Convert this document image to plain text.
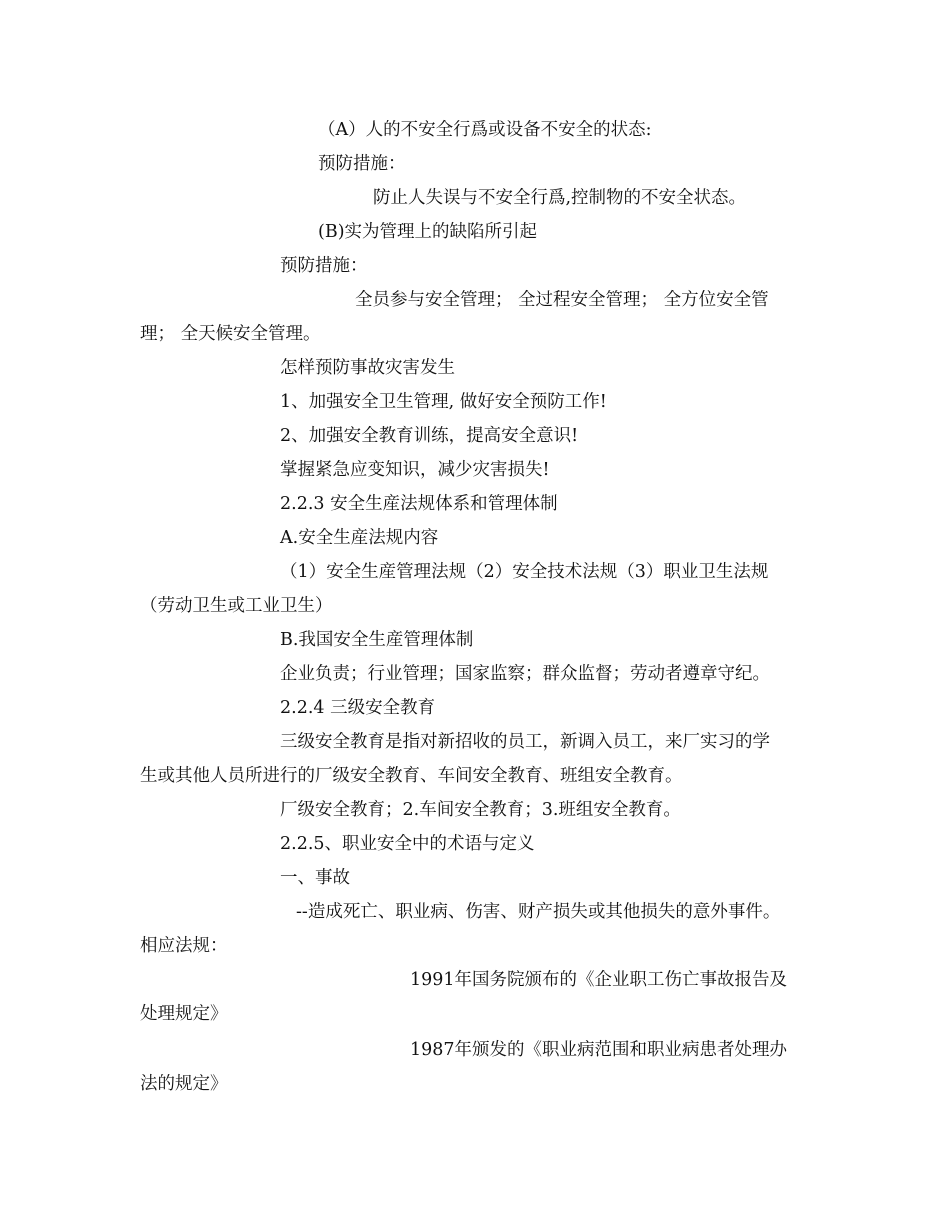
（A）人的不安全行爲或设备不安全的状态:

预防措施：

防止人失误与不安全行爲,控制物的不安全状态。

(B)实为管理上的缺陷所引起

预防措施：

全员参与安全管理； 全过程安全管理； 全方位安全管

理； 全天候安全管理。

怎样预防事故灾害发生

1、加强安全卫生管理, 做好安全预防工作!

2、加强安全教育训练，提高安全意识!

掌握紧急应变知识，减少灾害损失!

2.2.3 安全生産法规体系和管理体制

A.安全生産法规内容

（1）安全生産管理法规（2）安全技术法规（3）职业卫生法规

（劳动卫生或工业卫生）

B.我国安全生産管理体制

企业负责；行业管理；国家监察；群众监督；劳动者遵章守纪。

2.2.4 三级安全教育

三级安全教育是指对新招收的员工，新调入员工，来厂实习的学

生或其他人员所进行的厂级安全教育、车间安全教育、班组安全教育。

厂级安全教育；2.车间安全教育；3.班组安全教育。

2.2.5、职业安全中的术语与定义

一、事故

--造成死亡、职业病、伤害、财产损失或其他损失的意外事件。

相应法规：

1991年国务院颁布的《企业职工伤亡事故报告及

处理规定》

1987年颁发的《职业病范围和职业病患者处理办

法的规定》
